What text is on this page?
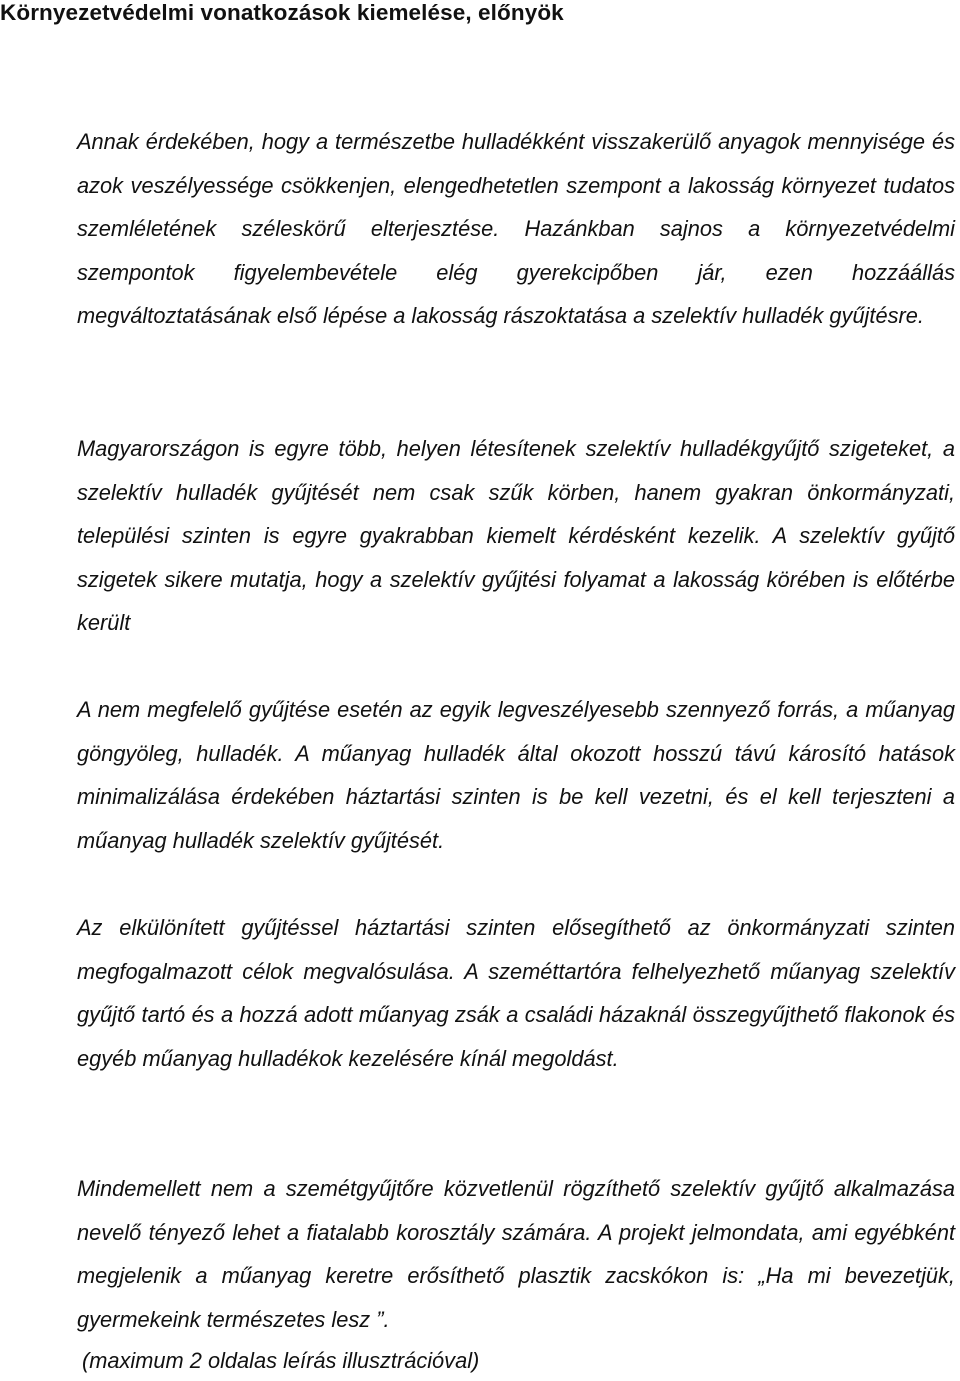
Környezetvédelmi vonatkozások kiemelése, előnyök

Annak érdekében, hogy a természetbe hulladékként visszakerülő anyagok mennyisége és azok veszélyessége csökkenjen, elengedhetetlen szempont a lakosság környezet tudatos szemléletének széleskörű elterjesztése. Hazánkban sajnos a környezetvédelmi szempontok figyelembevétele elég gyerekcipőben jár, ezen hozzáállás megváltoztatásának első lépése a lakosság rászoktatása a szelektív hulladék gyűjtésre.

Magyarországon is egyre több, helyen létesítenek szelektív hulladékgyűjtő szigeteket, a szelektív hulladék gyűjtését nem csak szűk körben, hanem gyakran önkormányzati, települési szinten is egyre gyakrabban kiemelt kérdésként kezelik. A szelektív gyűjtő szigetek sikere mutatja, hogy a szelektív gyűjtési folyamat a lakosság körében is előtérbe került

A nem megfelelő gyűjtése esetén az egyik legveszélyesebb szennyező forrás, a műanyag göngyöleg, hulladék. A műanyag hulladék által okozott hosszú távú károsító hatások minimalizálása érdekében háztartási szinten is be kell vezetni, és el kell terjeszteni a műanyag hulladék szelektív gyűjtését.

Az elkülönített gyűjtéssel háztartási szinten elősegíthető az önkormányzati szinten megfogalmazott célok megvalósulása. A szeméttartóra felhelyezhető műanyag szelektív gyűjtő tartó és a hozzá adott műanyag zsák a családi házaknál összegyűjthető flakonok és egyéb műanyag hulladékok kezelésére kínál megoldást.

Mindemellett nem a szemétgyűjtőre közvetlenül rögzíthető szelektív gyűjtő alkalmazása nevelő tényező lehet a fiatalabb korosztály számára. A projekt jelmondata, ami egyébként megjelenik a műanyag keretre erősíthető plasztik zacskókon is: „Ha mi bevezetjük, gyermekeink természetes lesz ”.

(maximum 2 oldalas leírás illusztrációval)
